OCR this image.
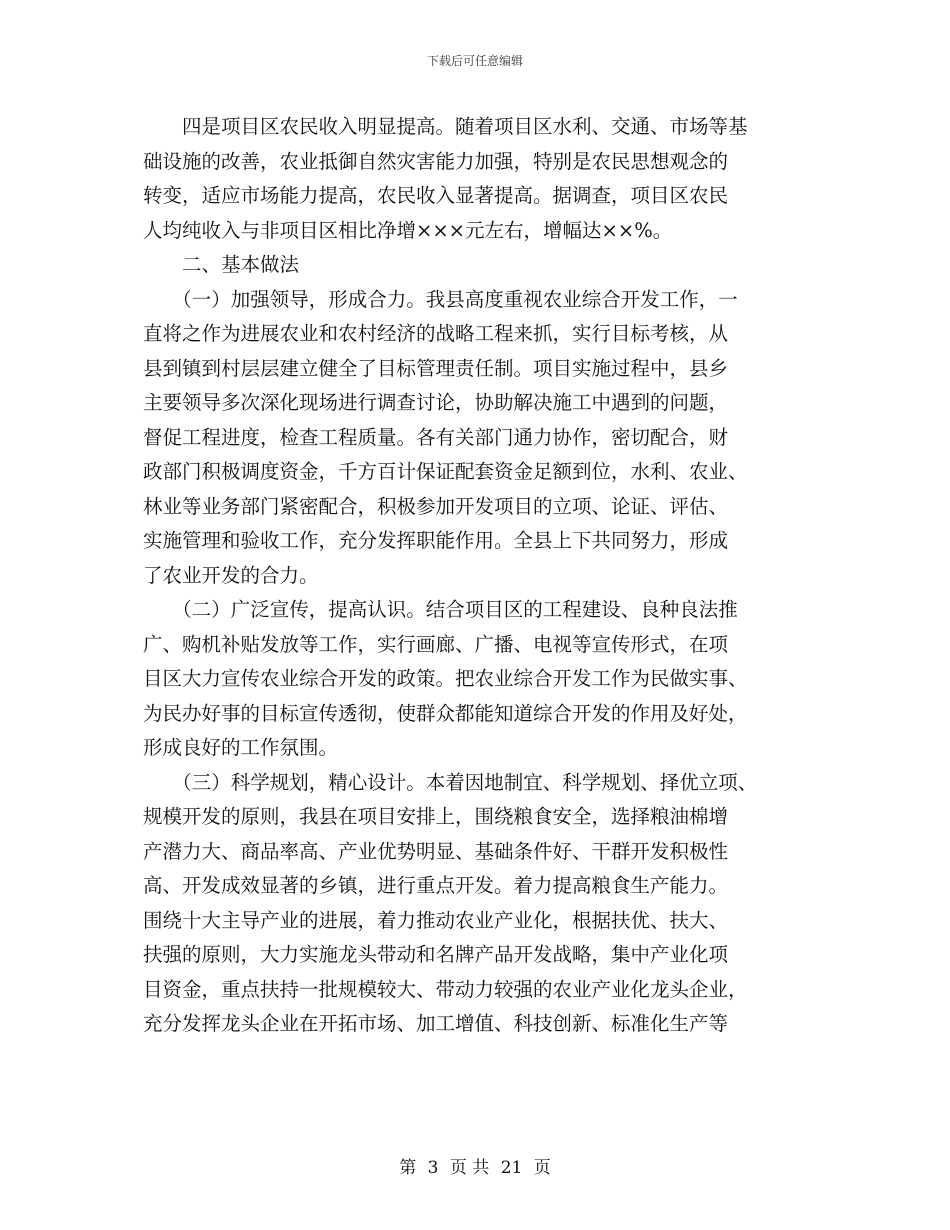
下载后可任意编辑
　　四是项目区农民收入明显提高。随着项目区水利、交通、市场等基
础设施的改善，农业抵御自然灾害能力加强，特别是农民思想观念的
转变，适应市场能力提高，农民收入显著提高。据调查，项目区农民
人均纯收入与非项目区相比净增×××元左右，增幅达××%。
　　二、基本做法
　　（一）加强领导，形成合力。我县高度重视农业综合开发工作，一
直将之作为进展农业和农村经济的战略工程来抓，实行目标考核，从
县到镇到村层层建立健全了目标管理责任制。项目实施过程中，县乡
主要领导多次深化现场进行调查讨论，协助解决施工中遇到的问题，
督促工程进度，检查工程质量。各有关部门通力协作，密切配合，财
政部门积极调度资金，千方百计保证配套资金足额到位，水利、农业、
林业等业务部门紧密配合，积极参加开发项目的立项、论证、评估、
实施管理和验收工作，充分发挥职能作用。全县上下共同努力，形成
了农业开发的合力。
　　（二）广泛宣传，提高认识。结合项目区的工程建设、良种良法推
广、购机补贴发放等工作，实行画廊、广播、电视等宣传形式，在项
目区大力宣传农业综合开发的政策。把农业综合开发工作为民做实事、
为民办好事的目标宣传透彻，使群众都能知道综合开发的作用及好处，
形成良好的工作氛围。
　　（三）科学规划，精心设计。本着因地制宜、科学规划、择优立项、
规模开发的原则，我县在项目安排上，围绕粮食安全，选择粮油棉增
产潜力大、商品率高、产业优势明显、基础条件好、干群开发积极性
高、开发成效显著的乡镇，进行重点开发。着力提高粮食生产能力。
围绕十大主导产业的进展，着力推动农业产业化，根据扶优、扶大、
扶强的原则，大力实施龙头带动和名牌产品开发战略，集中产业化项
目资金，重点扶持一批规模较大、带动力较强的农业产业化龙头企业，
充分发挥龙头企业在开拓市场、加工增值、科技创新、标准化生产等
第 3 页 共 21 页
